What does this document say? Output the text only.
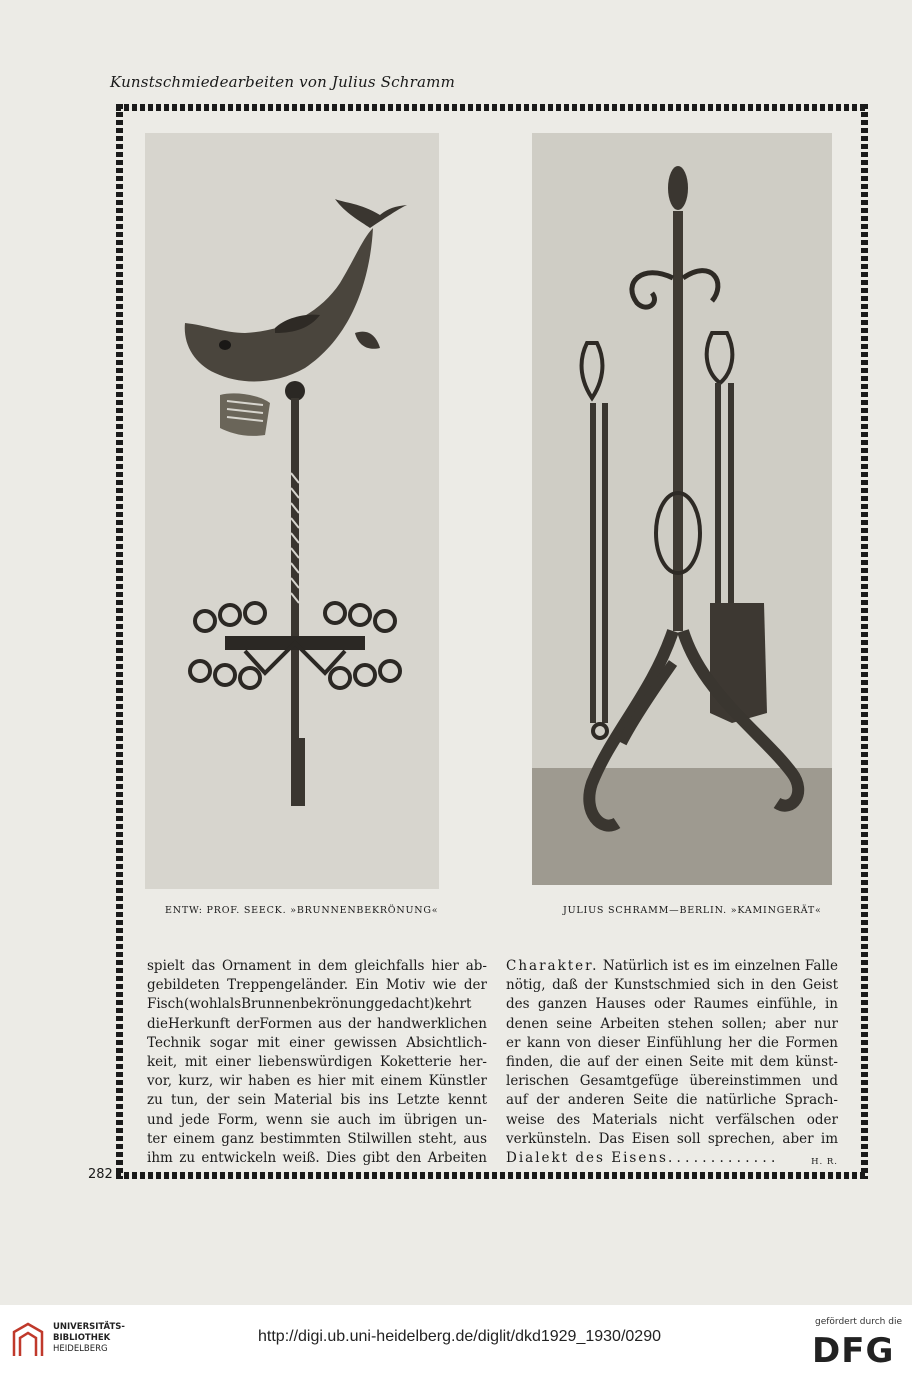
Kunstschmiedearbeiten von Julius Schramm
ENTW: PROF. SEECK. »BRUNNENBEKRÖNUNG«	JULIUS SCHRAMM—BERLIN. »KAMINGERÄT«
spielt das Ornament in dem gleichfalls hier ab-
gebildeten Treppengeländer. Ein Motiv wie der
Fisch(wohlalsBrunnenbekrönunggedacht)kehrt
dieHerkunft derFormen aus der handwerklichen
Technik sogar mit einer gewissen Absichtlich-
keit, mit einer liebenswürdigen Koketterie her-
vor, kurz, wir haben es hier mit einem Künstler
zu tun, der sein Material bis ins Letzte kennt
und jede Form, wenn sie auch im übrigen un-
ter einem ganz bestimmten Stilwillen steht, aus
ihm zu entwickeln weiß. Dies gibt den Arbeiten
Charakter. Natürlich ist es im einzelnen Falle
nötig, daß der Kunstschmied sich in den Geist
des ganzen Hauses oder Raumes einfühle, in
denen seine Arbeiten stehen sollen; aber nur
er kann von dieser Einfühlung her die Formen
finden, die auf der einen Seite mit dem künst-
lerischen Gesamtgefüge übereinstimmen und
auf der anderen Seite die natürliche Sprach-
weise des Materials nicht verfälschen oder
verkünsteln. Das Eisen soll sprechen, aber im
Dialekt des Eisens. . . . . . . . . . . . .	H. R.
282
UNIVERSITÄTS-
BIBLIOTHEK
HEIDELBERG
http://digi.ub.uni-heidelberg.de/diglit/dkd1929_1930/0290
gefördert durch die
DFG
